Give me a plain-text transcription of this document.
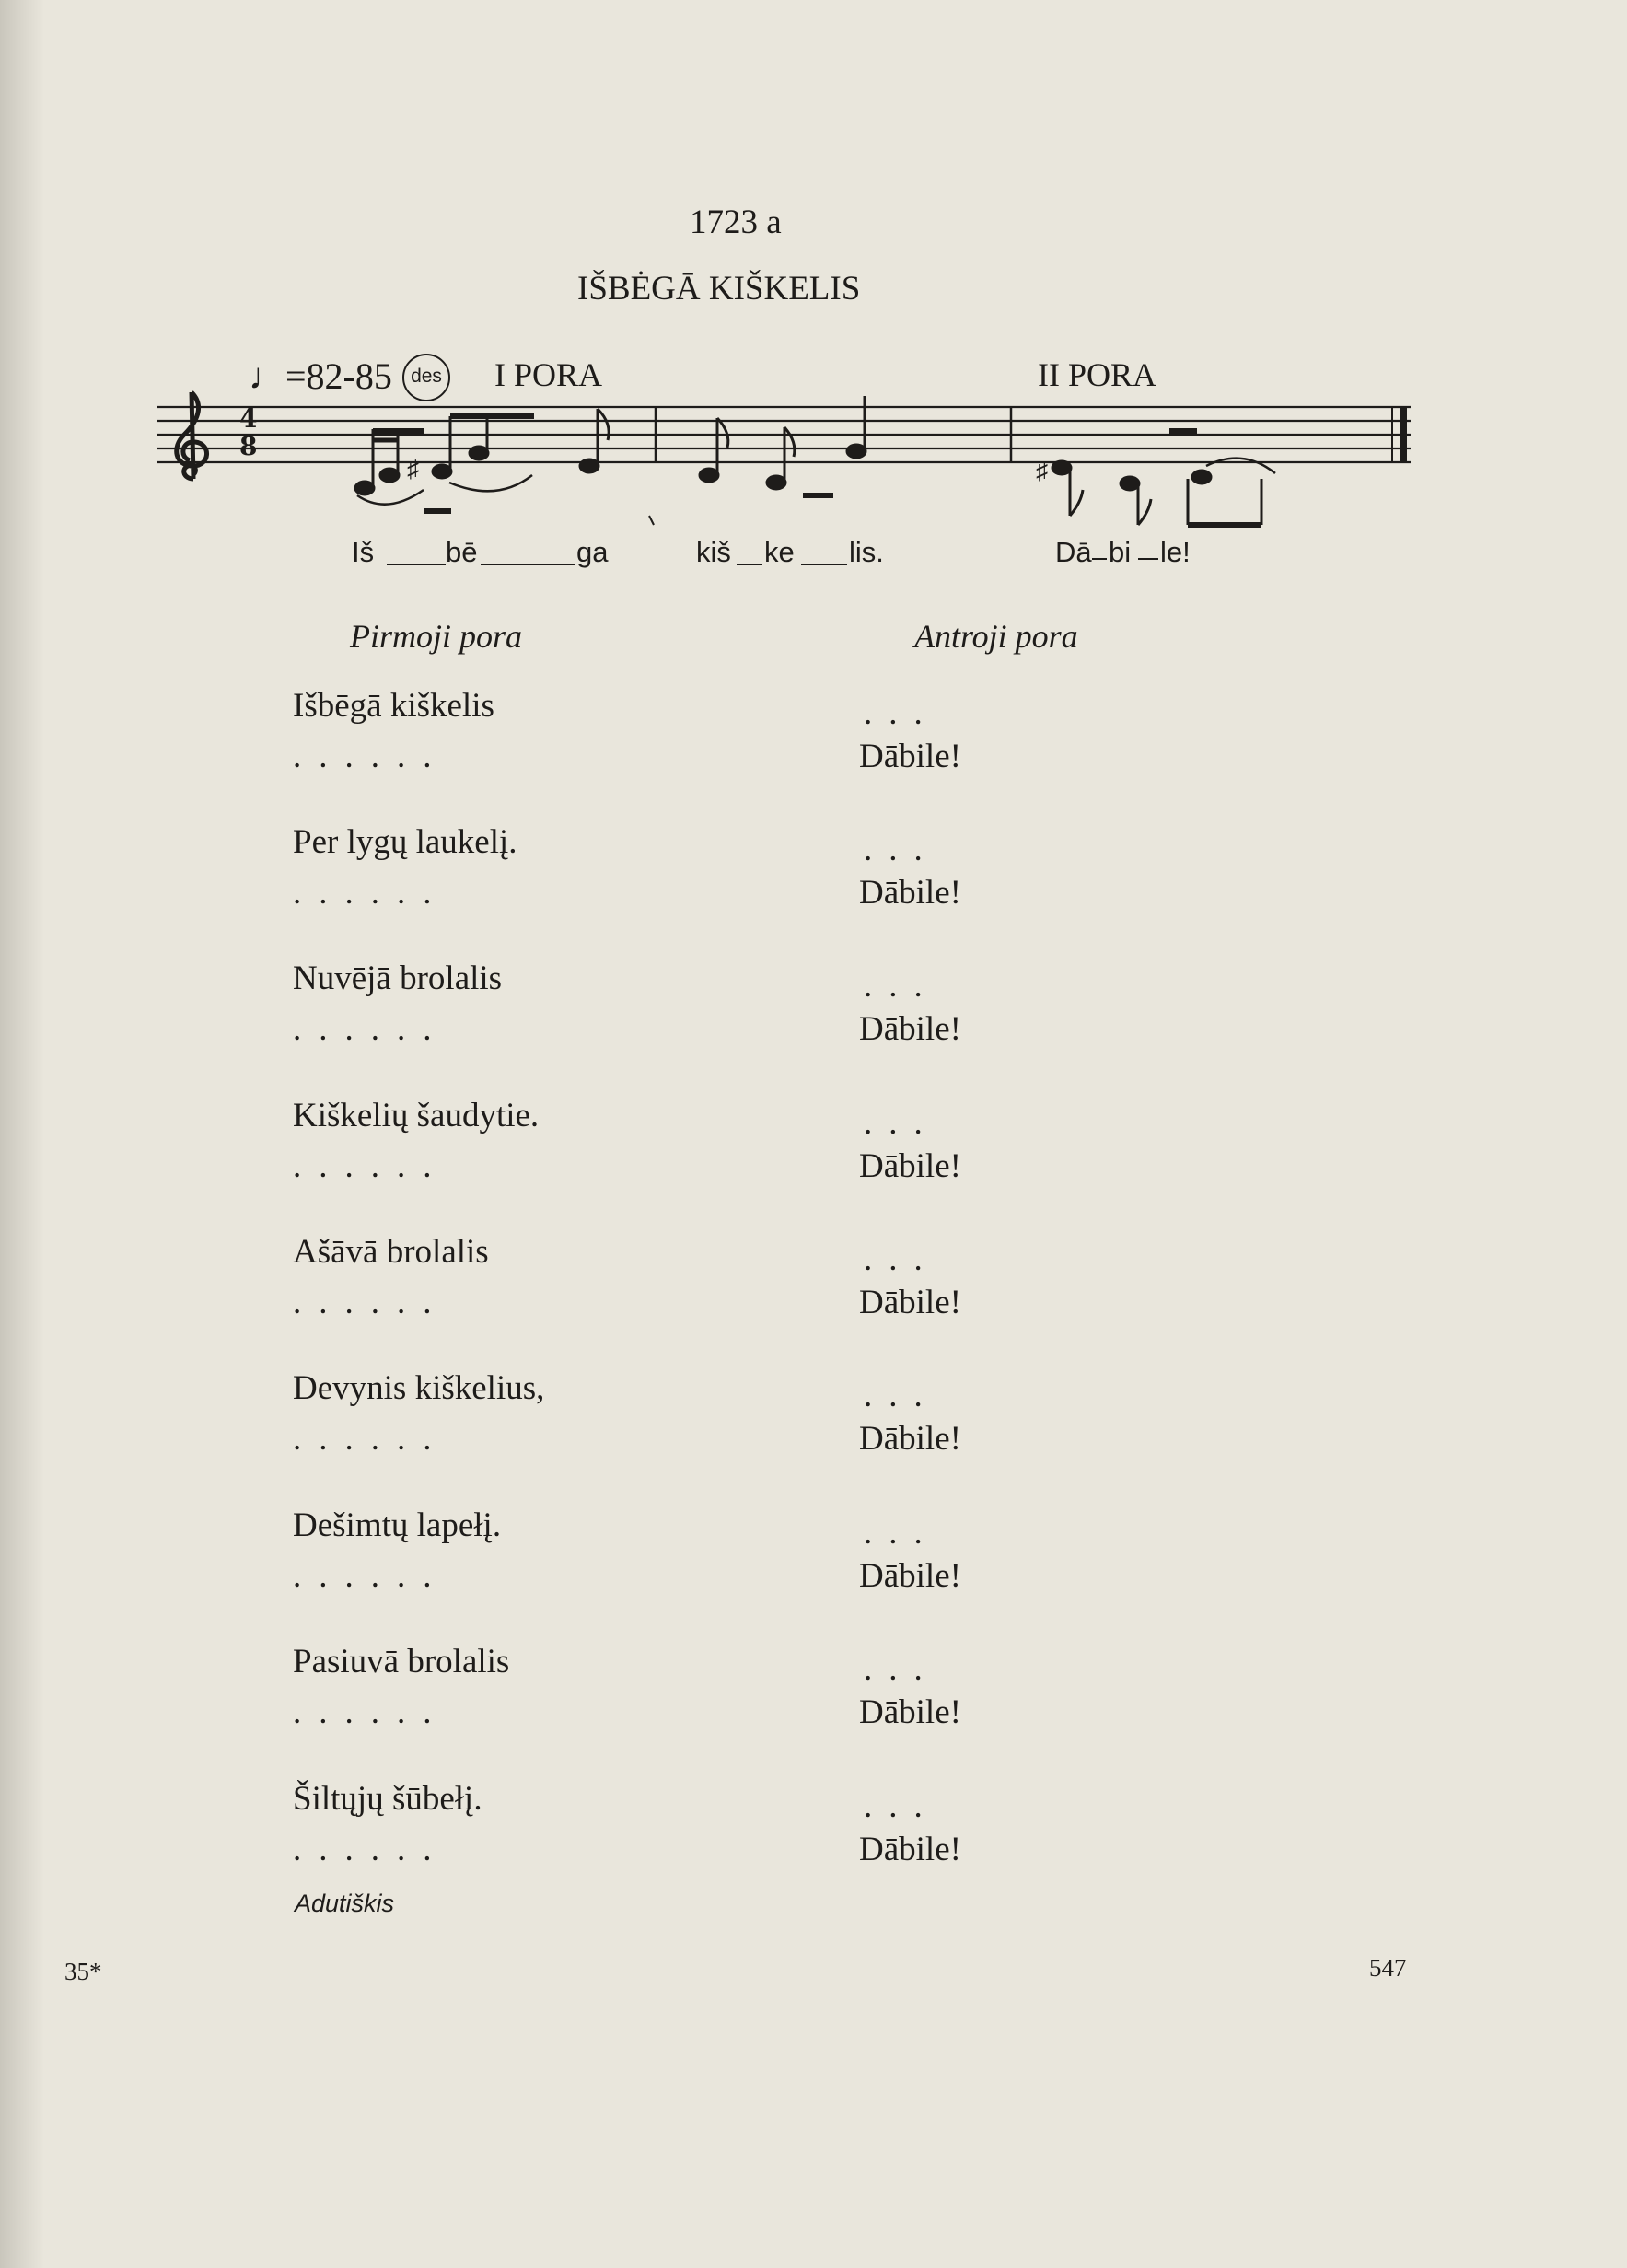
1723 a
IŠBĖGĀ KIŠKELIS
♩=82-85 des I PORA	II PORA
4
8
♯	♯
Iš	bē	ga	kiš ke lis.	Dā bi le!
Pirmoji pora	Antroji pora
Išbēgā kiškelis	...
......	Dābile!
Per lygų laukelį.	...
......	Dābile!
Nuvējā brolalis	...
......	Dābile!
Kiškelių šaudytie.	...
......	Dābile!
Ašāvā brolalis	...
......	Dābile!
Devynis kiškelius,	...
......	Dābile!
Dešimtų lapełį.	...
......	Dābile!
Pasiuvā brolalis	...
......	Dābile!
Šiltųjų šūbełį.	...
......	Dābile!
Adutiškis
35*	547
